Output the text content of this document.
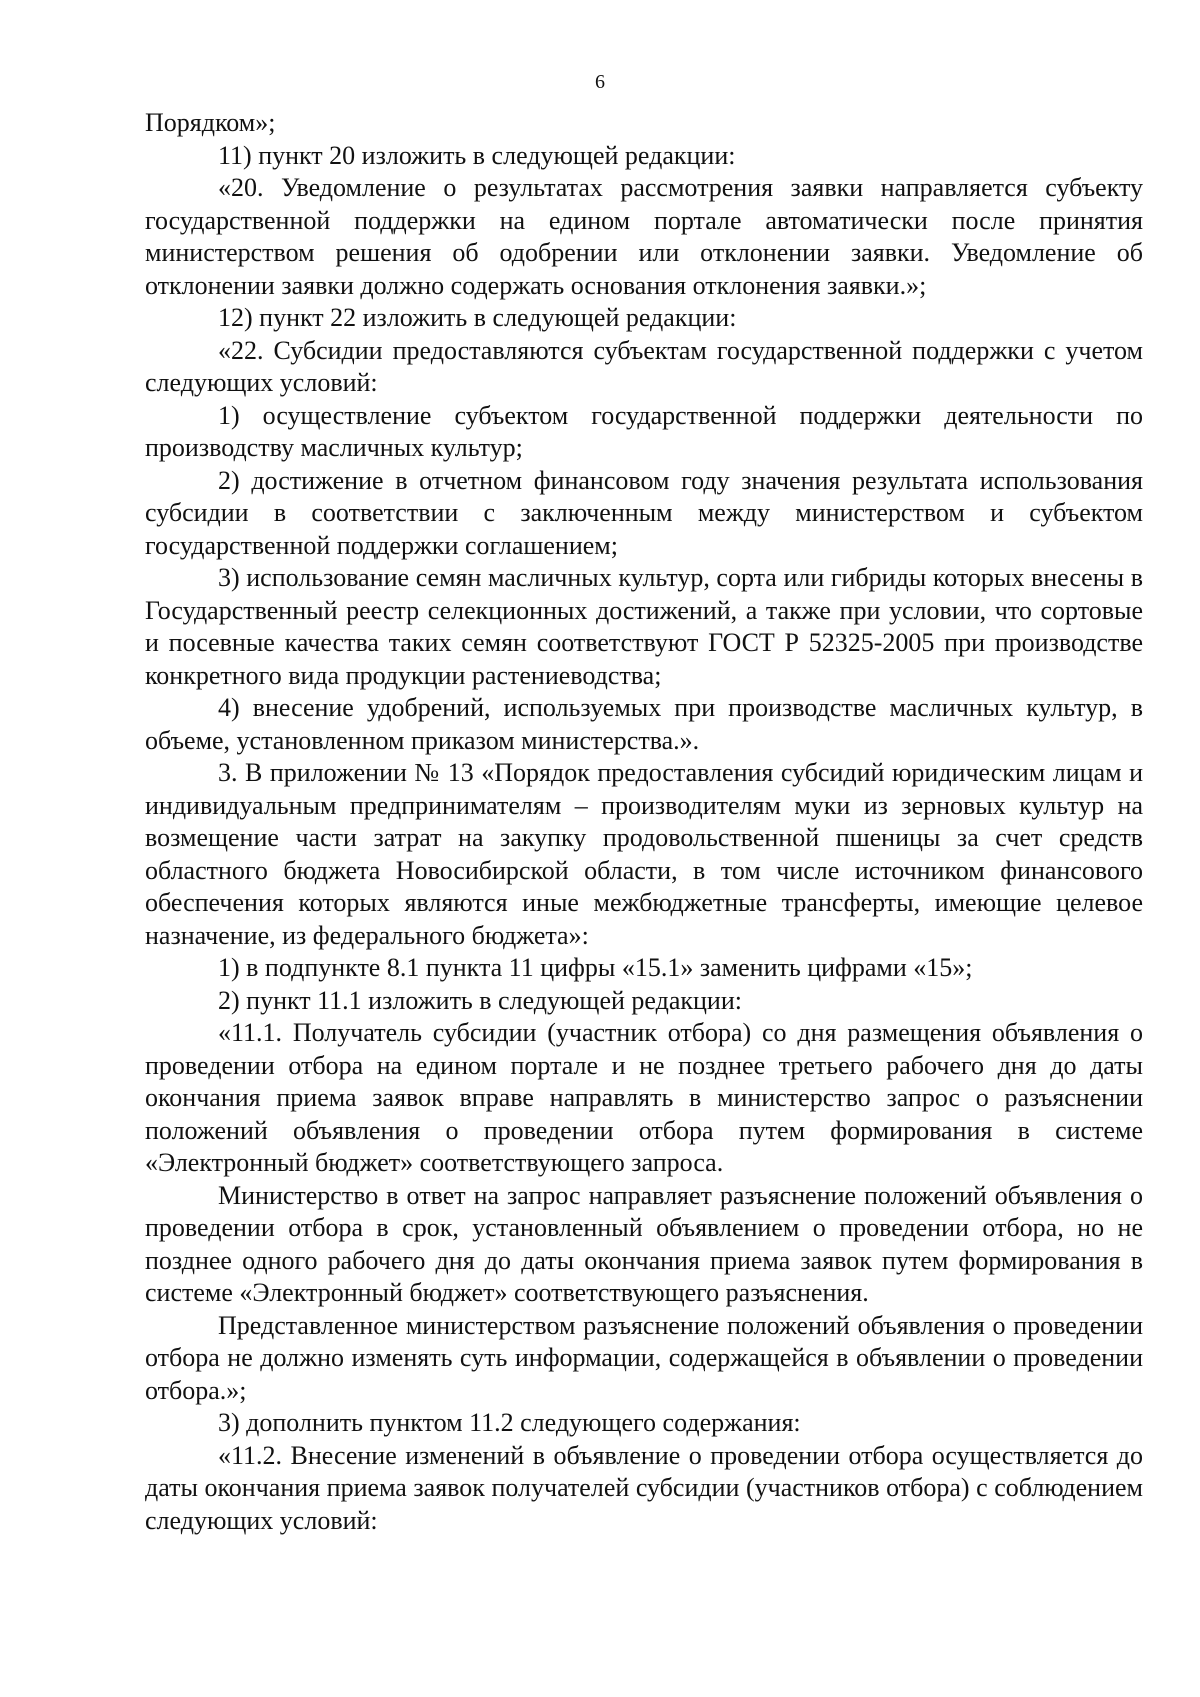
6

Порядком»;

11) пункт 20 изложить в следующей редакции:

«20. Уведомление о результатах рассмотрения заявки направляется субъекту государственной поддержки на едином портале автоматически после принятия министерством решения об одобрении или отклонении заявки. Уведомление об отклонении заявки должно содержать основания отклонения заявки.»;

12) пункт 22 изложить в следующей редакции:

«22. Субсидии предоставляются субъектам государственной поддержки с учетом следующих условий:

1) осуществление субъектом государственной поддержки деятельности по производству масличных культур;

2) достижение в отчетном финансовом году значения результата использования субсидии в соответствии с заключенным между министерством и субъектом государственной поддержки соглашением;

3) использование семян масличных культур, сорта или гибриды которых внесены в Государственный реестр селекционных достижений, а также при условии, что сортовые и посевные качества таких семян соответствуют ГОСТ Р 52325-2005 при производстве конкретного вида продукции растениеводства;

4) внесение удобрений, используемых при производстве масличных культур, в объеме, установленном приказом министерства.».

3. В приложении № 13 «Порядок предоставления субсидий юридическим лицам и индивидуальным предпринимателям – производителям муки из зерновых культур на возмещение части затрат на закупку продовольственной пшеницы за счет средств областного бюджета Новосибирской области, в том числе источником финансового обеспечения которых являются иные межбюджетные трансферты, имеющие целевое назначение, из федерального бюджета»:

1) в подпункте 8.1 пункта 11 цифры «15.1» заменить цифрами «15»;

2) пункт 11.1 изложить в следующей редакции:

«11.1. Получатель субсидии (участник отбора) со дня размещения объявления о проведении отбора на едином портале и не позднее третьего рабочего дня до даты окончания приема заявок вправе направлять в министерство запрос о разъяснении положений объявления о проведении отбора путем формирования в системе «Электронный бюджет» соответствующего запроса.

Министерство в ответ на запрос направляет разъяснение положений объявления о проведении отбора в срок, установленный объявлением о проведении отбора, но не позднее одного рабочего дня до даты окончания приема заявок путем формирования в системе «Электронный бюджет» соответствующего разъяснения.

Представленное министерством разъяснение положений объявления о проведении отбора не должно изменять суть информации, содержащейся в объявлении о проведении отбора.»;

3) дополнить пунктом 11.2 следующего содержания:

«11.2. Внесение изменений в объявление о проведении отбора осуществляется до даты окончания приема заявок получателей субсидии (участников отбора) с соблюдением следующих условий:
